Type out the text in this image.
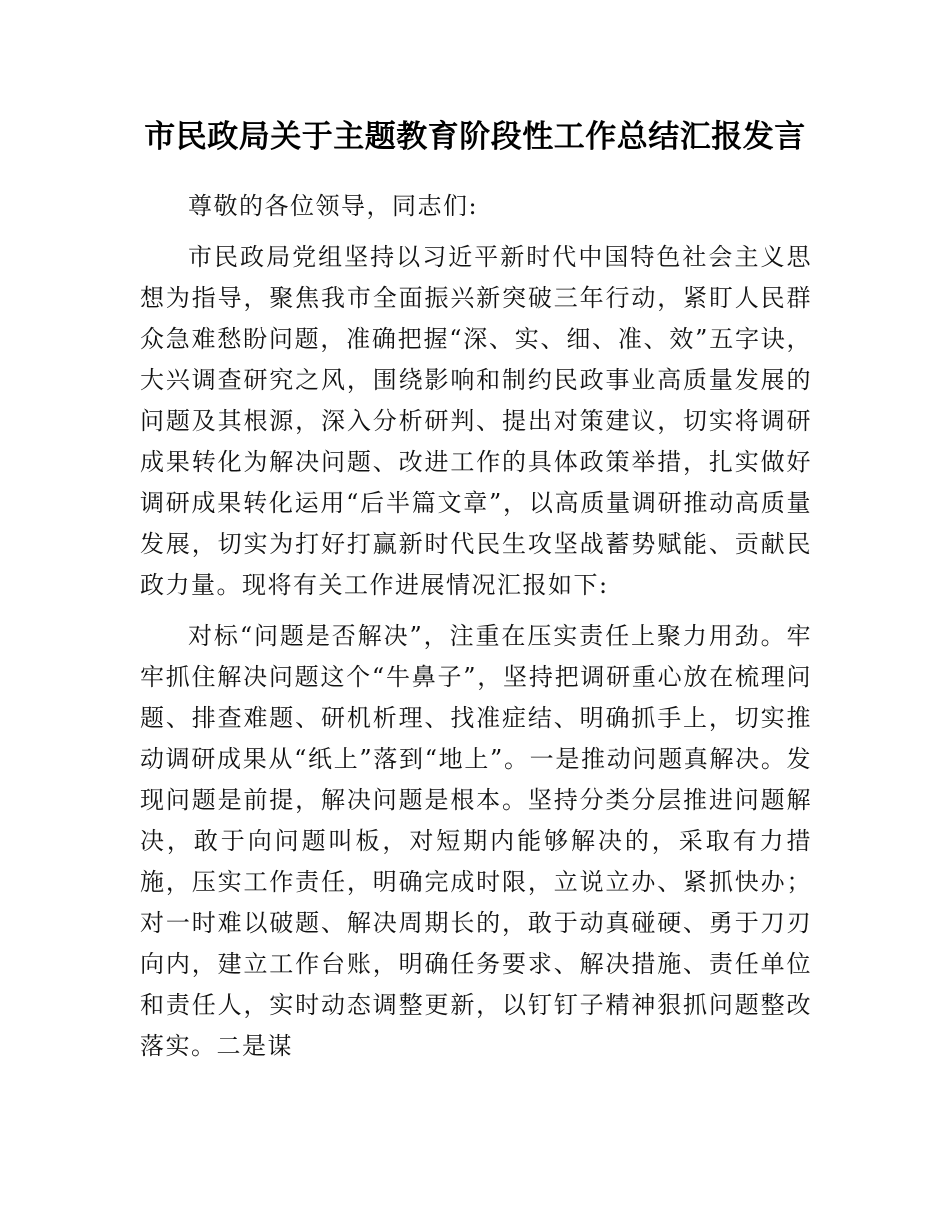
市民政局关于主题教育阶段性工作总结汇报发言

尊敬的各位领导，同志们:

市民政局党组坚持以习近平新时代中国特色社会主义思想为指导，聚焦我市全面振兴新突破三年行动，紧盯人民群众急难愁盼问题，准确把握“深、实、细、准、效”五字诀，大兴调查研究之风，围绕影响和制约民政事业高质量发展的问题及其根源，深入分析研判、提出对策建议，切实将调研成果转化为解决问题、改进工作的具体政策举措，扎实做好调研成果转化运用“后半篇文章”，以高质量调研推动高质量发展，切实为打好打赢新时代民生攻坚战蓄势赋能、贡献民政力量。现将有关工作进展情况汇报如下:

对标“问题是否解决”，注重在压实责任上聚力用劲。牢牢抓住解决问题这个“牛鼻子”，坚持把调研重心放在梳理问题、排查难题、研机析理、找准症结、明确抓手上，切实推动调研成果从“纸上”落到“地上”。一是推动问题真解决。发现问题是前提，解决问题是根本。坚持分类分层推进问题解决，敢于向问题叫板，对短期内能够解决的，采取有力措施，压实工作责任，明确完成时限，立说立办、紧抓快办；对一时难以破题、解决周期长的，敢于动真碰硬、勇于刀刃向内，建立工作台账，明确任务要求、解决措施、责任单位和责任人，实时动态调整更新，以钉钉子精神狠抓问题整改落实。二是谋
